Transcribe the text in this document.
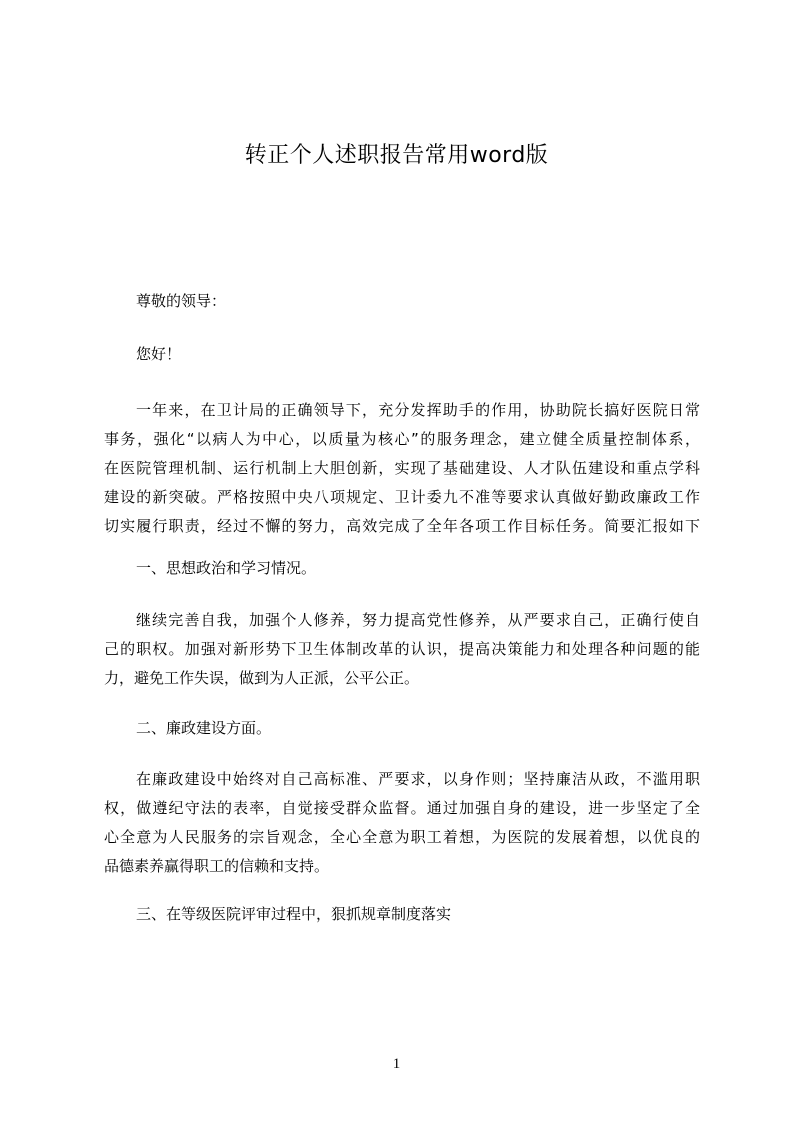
转正个人述职报告常用word版
尊敬的领导：
您好！
一年来，在卫计局的正确领导下，充分发挥助手的作用，协助院长搞好医院日常
事务，强化“以病人为中心，以质量为核心”的服务理念，建立健全质量控制体系，
在医院管理机制、运行机制上大胆创新，实现了基础建设、人才队伍建设和重点学科
建设的新突破。严格按照中央八项规定、卫计委九不准等要求认真做好勤政廉政工作
切实履行职责，经过不懈的努力，高效完成了全年各项工作目标任务。简要汇报如下
一、思想政治和学习情况。
继续完善自我，加强个人修养，努力提高党性修养，从严要求自己，正确行使自
己的职权。加强对新形势下卫生体制改革的认识，提高决策能力和处理各种问题的能
力，避免工作失误，做到为人正派，公平公正。
二、廉政建设方面。
在廉政建设中始终对自己高标准、严要求，以身作则；坚持廉洁从政，不滥用职
权，做遵纪守法的表率，自觉接受群众监督。通过加强自身的建设，进一步坚定了全
心全意为人民服务的宗旨观念，全心全意为职工着想，为医院的发展着想，以优良的
品德素养赢得职工的信赖和支持。
三、在等级医院评审过程中，狠抓规章制度落实
1
